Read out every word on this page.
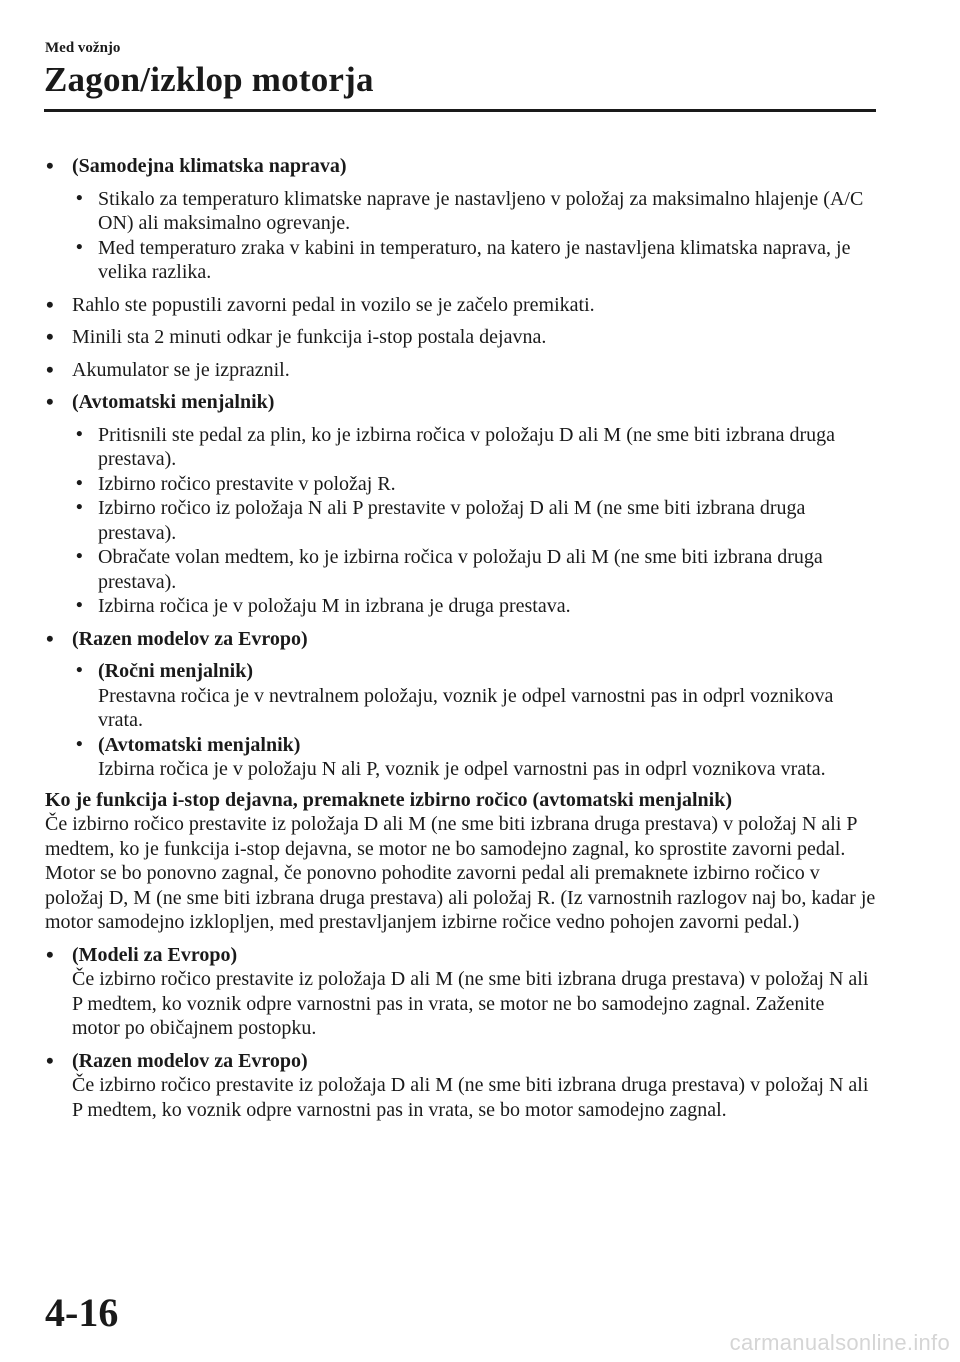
Med vožnjo
Zagon/izklop motorja
• (Samodejna klimatska naprava)
• Stikalo za temperaturo klimatske naprave je nastavljeno v položaj za maksimalno hlajenje (A/C ON) ali maksimalno ogrevanje.
• Med temperaturo zraka v kabini in temperaturo, na katero je nastavljena klimatska naprava, je velika razlika.
• Rahlo ste popustili zavorni pedal in vozilo se je začelo premikati.
• Minili sta 2 minuti odkar je funkcija i-stop postala dejavna.
• Akumulator se je izpraznil.
• (Avtomatski menjalnik)
• Pritisnili ste pedal za plin, ko je izbirna ročica v položaju D ali M (ne sme biti izbrana druga prestava).
• Izbirno ročico prestavite v položaj R.
• Izbirno ročico iz položaja N ali P prestavite v položaj D ali M (ne sme biti izbrana druga prestava).
• Obračate volan medtem, ko je izbirna ročica v položaju D ali M (ne sme biti izbrana druga prestava).
• Izbirna ročica je v položaju M in izbrana je druga prestava.
• (Razen modelov za Evropo)
• (Ročni menjalnik)
Prestavna ročica je v nevtralnem položaju, voznik je odpel varnostni pas in odprl voznikova vrata.
• (Avtomatski menjalnik)
Izbirna ročica je v položaju N ali P, voznik je odpel varnostni pas in odprl voznikova vrata.
Ko je funkcija i-stop dejavna, premaknete izbirno ročico (avtomatski menjalnik)
Če izbirno ročico prestavite iz položaja D ali M (ne sme biti izbrana druga prestava) v položaj N ali P medtem, ko je funkcija i-stop dejavna, se motor ne bo samodejno zagnal, ko sprostite zavorni pedal. Motor se bo ponovno zagnal, če ponovno pohodite zavorni pedal ali premaknete izbirno ročico v položaj D, M (ne sme biti izbrana druga prestava) ali položaj R. (Iz varnostnih razlogov naj bo, kadar je motor samodejno izklopljen, med prestavljanjem izbirne ročice vedno pohojen zavorni pedal.)
• (Modeli za Evropo)
Če izbirno ročico prestavite iz položaja D ali M (ne sme biti izbrana druga prestava) v položaj N ali P medtem, ko voznik odpre varnostni pas in vrata, se motor ne bo samodejno zagnal. Zaženite motor po običajnem postopku.
• (Razen modelov za Evropo)
Če izbirno ročico prestavite iz položaja D ali M (ne sme biti izbrana druga prestava) v položaj N ali P medtem, ko voznik odpre varnostni pas in vrata, se bo motor samodejno zagnal.
4-16
carmanualsonline.info
